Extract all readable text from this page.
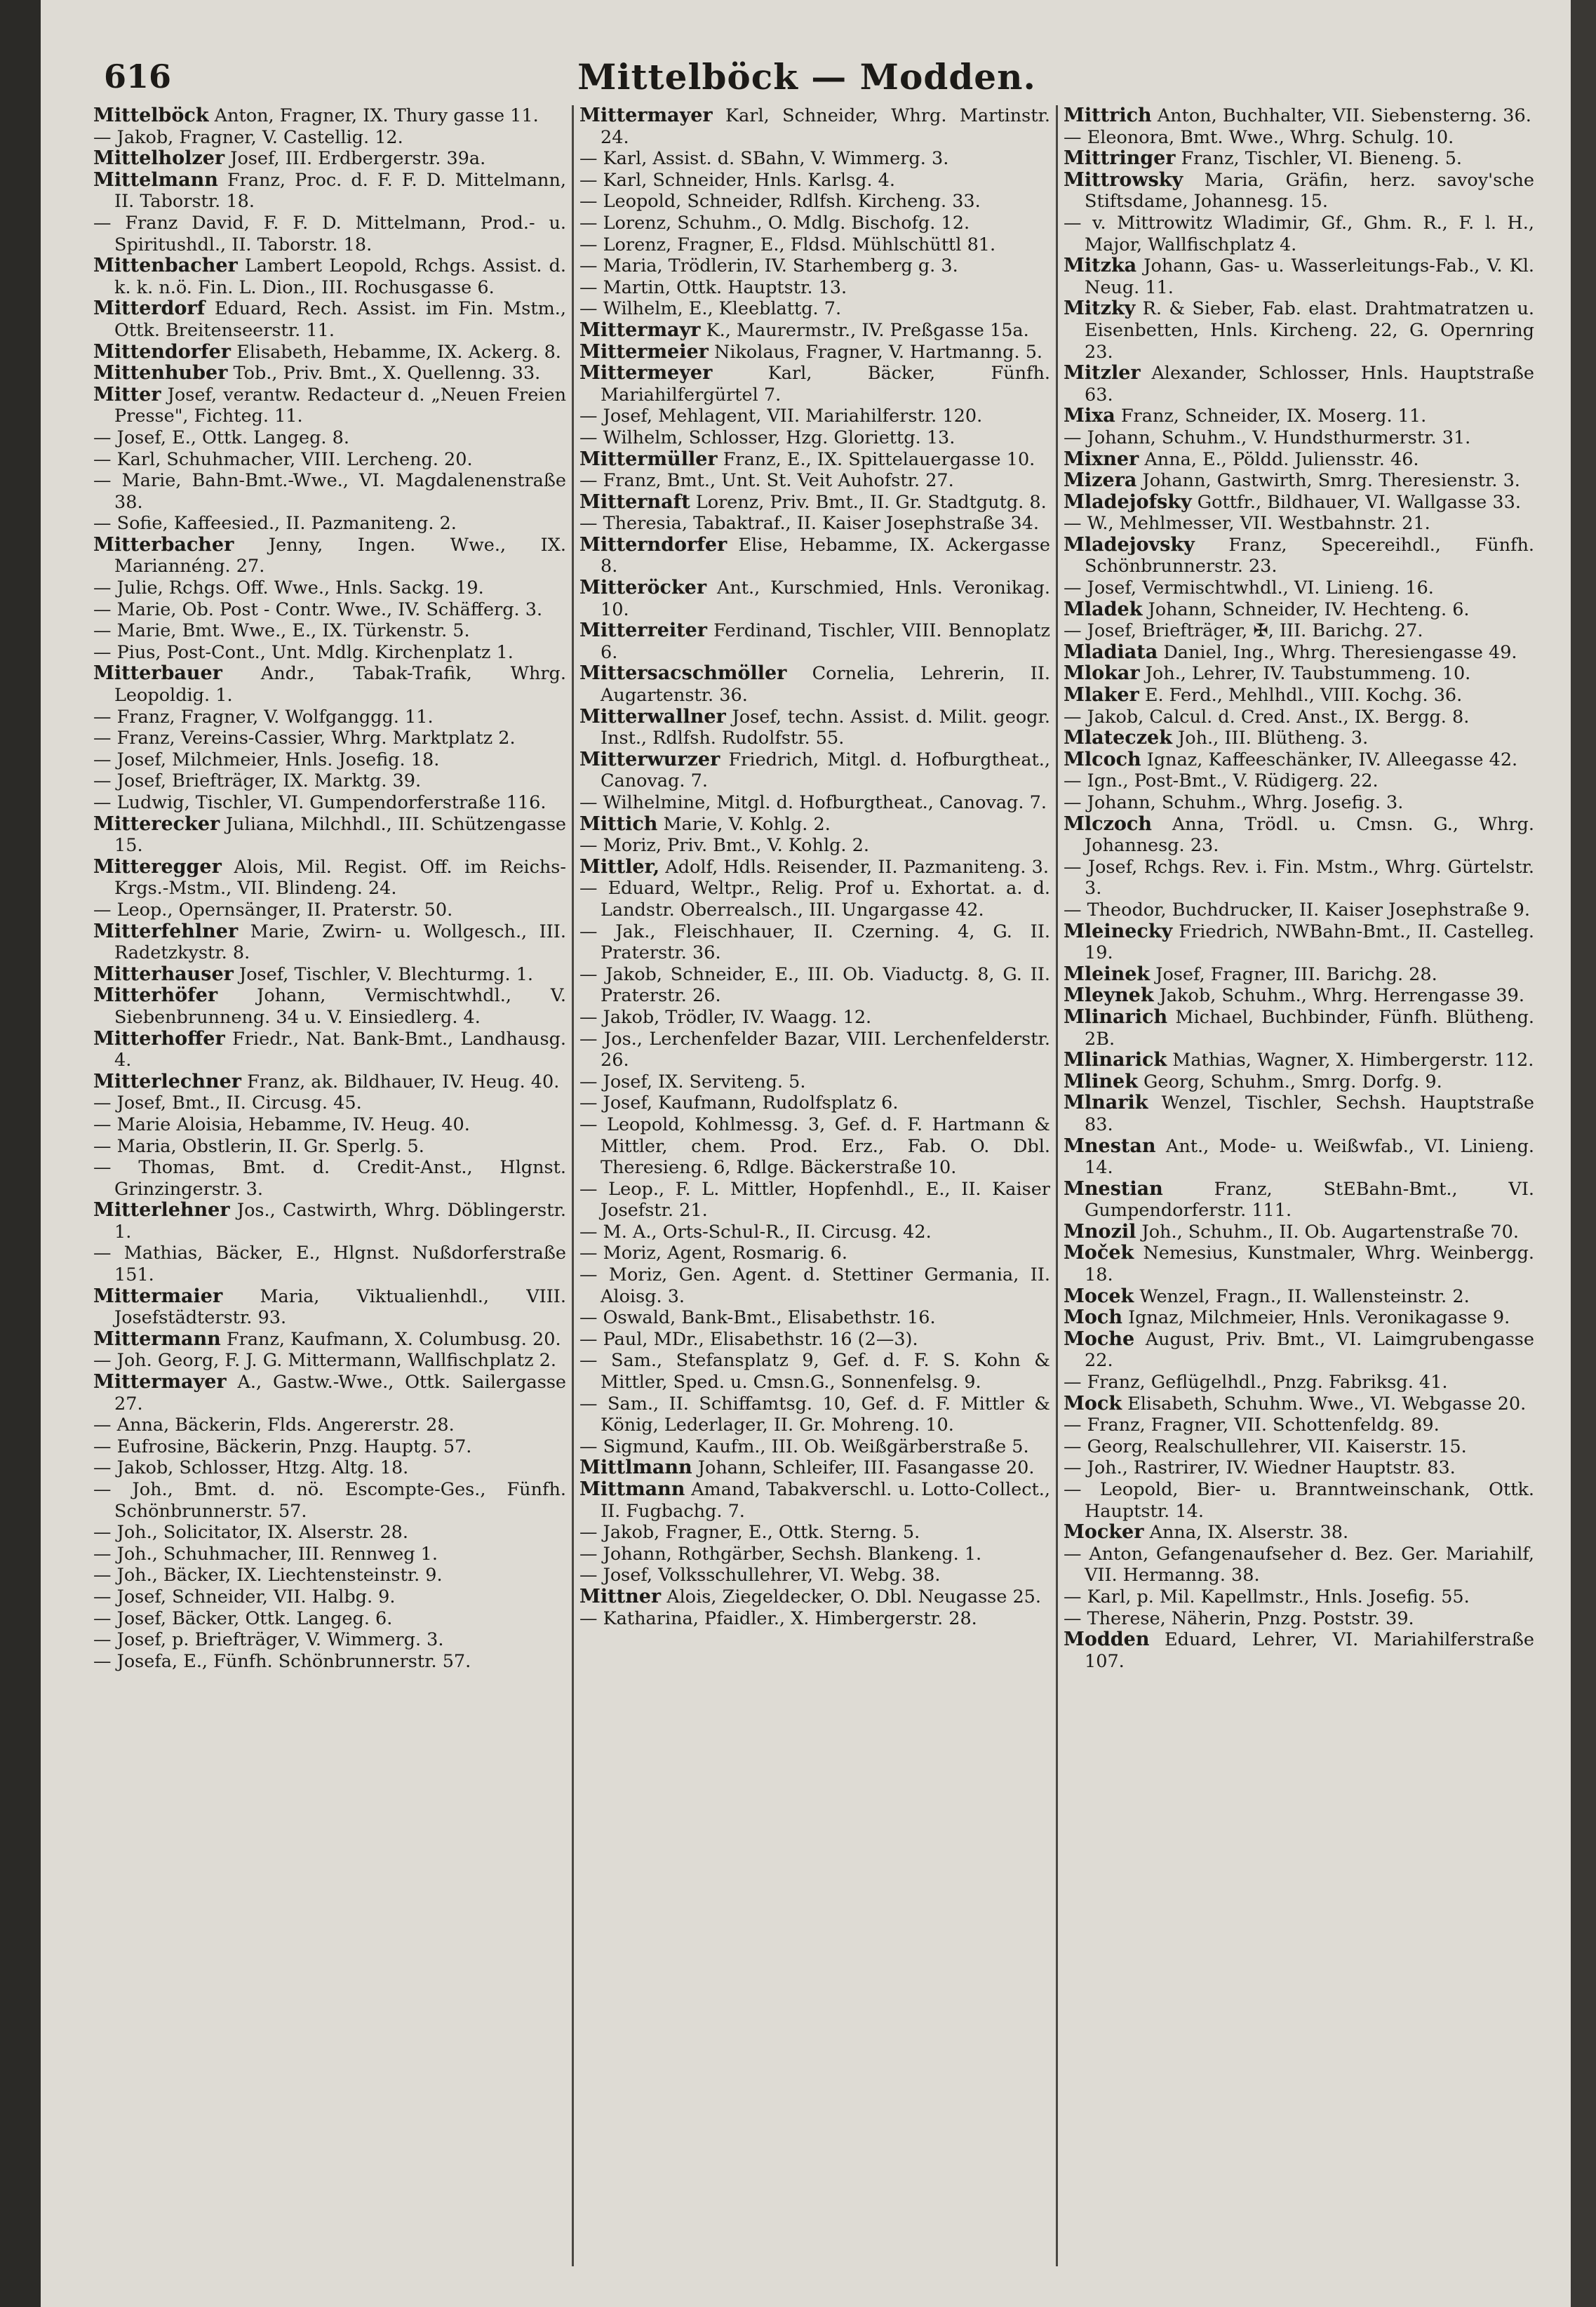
616	Mittelböck — Modden.

Mittelböck Anton, Fragner, IX. Thury gasse 11.

— Jakob, Fragner, V. Castellig. 12.

Mittelholzer Josef, III. Erdbergerstr. 39a.

Mittelmann Franz, Proc. d. F. F. D. Mittelmann, II. Taborstr. 18.

— Franz David, F. F. D. Mittelmann, Prod.- u. Spiritushdl., II. Taborstr. 18.

Mittenbacher Lambert Leopold, Rchgs. Assist. d. k. k. n.ö. Fin. L. Dion., III. Rochusgasse 6.

Mitterdorf Eduard, Rech. Assist. im Fin. Mstm., Ottk. Breitenseerstr. 11.

Mittendorfer Elisabeth, Hebamme, IX. Ackerg. 8.

Mittenhuber Tob., Priv. Bmt., X. Quellenng. 33.

Mitter Josef, verantw. Redacteur d. „Neuen Freien Presse", Fichteg. 11.

— Josef, E., Ottk. Langeg. 8.

— Karl, Schuhmacher, VIII. Lercheng. 20.

— Marie, Bahn-Bmt.-Wwe., VI. Magdalenenstraße 38.

— Sofie, Kaffeesied., II. Pazmaniteng. 2.

Mitterbacher Jenny, Ingen. Wwe., IX. Mariannéng. 27.

— Julie, Rchgs. Off. Wwe., Hnls. Sackg. 19.

— Marie, Ob. Post - Contr. Wwe., IV. Schäfferg. 3.

— Marie, Bmt. Wwe., E., IX. Türkenstr. 5.

— Pius, Post-Cont., Unt. Mdlg. Kirchenplatz 1.

Mitterbauer Andr., Tabak-Trafik, Whrg. Leopoldig. 1.

— Franz, Fragner, V. Wolfganggg. 11.

— Franz, Vereins-Cassier, Whrg. Marktplatz 2.

— Josef, Milchmeier, Hnls. Josefig. 18.

— Josef, Briefträger, IX. Marktg. 39.

— Ludwig, Tischler, VI. Gumpendorferstraße 116.

Mitterecker Juliana, Milchhdl., III. Schützengasse 15.

Mitteregger Alois, Mil. Regist. Off. im Reichs-Krgs.-Mstm., VII. Blindeng. 24.

— Leop., Opernsänger, II. Praterstr. 50.

Mitterfehlner Marie, Zwirn- u. Wollgesch., III. Radetzkystr. 8.

Mitterhauser Josef, Tischler, V. Blechturmg. 1.

Mitterhöfer Johann, Vermischtwhdl., V. Siebenbrunneng. 34 u. V. Einsiedlerg. 4.

Mitterhoffer Friedr., Nat. Bank-Bmt., Landhausg. 4.

Mitterlechner Franz, ak. Bildhauer, IV. Heug. 40.

— Josef, Bmt., II. Circusg. 45.

— Marie Aloisia, Hebamme, IV. Heug. 40.

— Maria, Obstlerin, II. Gr. Sperlg. 5.

— Thomas, Bmt. d. Credit-Anst., Hlgnst. Grinzingerstr. 3.

Mitterlehner Jos., Castwirth, Whrg. Döblingerstr. 1.

— Mathias, Bäcker, E., Hlgnst. Nußdorferstraße 151.

Mittermaier Maria, Viktualienhdl., VIII. Josefstädterstr. 93.

Mittermann Franz, Kaufmann, X. Columbusg. 20.

— Joh. Georg, F. J. G. Mittermann, Wallfischplatz 2.

Mittermayer A., Gastw.-Wwe., Ottk. Sailergasse 27.

— Anna, Bäckerin, Flds. Angererstr. 28.

— Eufrosine, Bäckerin, Pnzg. Hauptg. 57.

— Jakob, Schlosser, Htzg. Altg. 18.

— Joh., Bmt. d. nö. Escompte-Ges., Fünfh. Schönbrunnerstr. 57.

— Joh., Solicitator, IX. Alserstr. 28.

— Joh., Schuhmacher, III. Rennweg 1.

— Joh., Bäcker, IX. Liechtensteinstr. 9.

— Josef, Schneider, VII. Halbg. 9.

— Josef, Bäcker, Ottk. Langeg. 6.

— Josef, p. Briefträger, V. Wimmerg. 3.

— Josefa, E., Fünfh. Schönbrunnerstr. 57.

Mittermayer Karl, Schneider, Whrg. Martinstr. 24.

— Karl, Assist. d. SBahn, V. Wimmerg. 3.

— Karl, Schneider, Hnls. Karlsg. 4.

— Leopold, Schneider, Rdlfsh. Kircheng. 33.

— Lorenz, Schuhm., O. Mdlg. Bischofg. 12.

— Lorenz, Fragner, E., Fldsd. Mühlschüttl 81.

— Maria, Trödlerin, IV. Starhemberg g. 3.

— Martin, Ottk. Hauptstr. 13.

— Wilhelm, E., Kleeblattg. 7.

Mittermayr K., Maurermstr., IV. Preßgasse 15a.

Mittermeier Nikolaus, Fragner, V. Hartmanng. 5.

Mittermeyer Karl, Bäcker, Fünfh. Mariahilfergürtel 7.

— Josef, Mehlagent, VII. Mariahilferstr. 120.

— Wilhelm, Schlosser, Hzg. Gloriettg. 13.

Mittermüller Franz, E., IX. Spittelauergasse 10.

— Franz, Bmt., Unt. St. Veit Auhofstr. 27.

Mitternaft Lorenz, Priv. Bmt., II. Gr. Stadtgutg. 8.

— Theresia, Tabaktraf., II. Kaiser Josephstraße 34.

Mitterndorfer Elise, Hebamme, IX. Ackergasse 8.

Mitteröcker Ant., Kurschmied, Hnls. Veronikag. 10.

Mitterreiter Ferdinand, Tischler, VIII. Bennoplatz 6.

Mittersacschmöller Cornelia, Lehrerin, II. Augartenstr. 36.

Mitterwallner Josef, techn. Assist. d. Milit. geogr. Inst., Rdlfsh. Rudolfstr. 55.

Mitterwurzer Friedrich, Mitgl. d. Hofburgtheat., Canovag. 7.

— Wilhelmine, Mitgl. d. Hofburgtheat., Canovag. 7.

Mittich Marie, V. Kohlg. 2.

— Moriz, Priv. Bmt., V. Kohlg. 2.

Mittler, Adolf, Hdls. Reisender, II. Pazmaniteng. 3.

— Eduard, Weltpr., Relig. Prof u. Exhortat. a. d. Landstr. Oberrealsch., III. Ungargasse 42.

— Jak., Fleischhauer, II. Czerning. 4, G. II. Praterstr. 36.

— Jakob, Schneider, E., III. Ob. Viaductg. 8, G. II. Praterstr. 26.

— Jakob, Trödler, IV. Waagg. 12.

— Jos., Lerchenfelder Bazar, VIII. Lerchenfelderstr. 26.

— Josef, IX. Serviteng. 5.

— Josef, Kaufmann, Rudolfsplatz 6.

— Leopold, Kohlmessg. 3, Gef. d. F. Hartmann & Mittler, chem. Prod. Erz., Fab. O. Dbl. Theresieng. 6, Rdlge. Bäckerstraße 10.

— Leop., F. L. Mittler, Hopfenhdl., E., II. Kaiser Josefstr. 21.

— M. A., Orts-Schul-R., II. Circusg. 42.

— Moriz, Agent, Rosmarig. 6.

— Moriz, Gen. Agent. d. Stettiner Germania, II. Aloisg. 3.

— Oswald, Bank-Bmt., Elisabethstr. 16.

— Paul, MDr., Elisabethstr. 16 (2—3).

— Sam., Stefansplatz 9, Gef. d. F. S. Kohn & Mittler, Sped. u. Cmsn.G., Sonnenfelsg. 9.

— Sam., II. Schiffamtsg. 10, Gef. d. F. Mittler & König, Lederlager, II. Gr. Mohreng. 10.

— Sigmund, Kaufm., III. Ob. Weißgärberstraße 5.

Mittlmann Johann, Schleifer, III. Fasangasse 20.

Mittmann Amand, Tabakverschl. u. Lotto-Collect., II. Fugbachg. 7.

— Jakob, Fragner, E., Ottk. Sterng. 5.

— Johann, Rothgärber, Sechsh. Blankeng. 1.

— Josef, Volksschullehrer, VI. Webg. 38.

Mittner Alois, Ziegeldecker, O. Dbl. Neugasse 25.

— Katharina, Pfaidler., X. Himbergerstr. 28.

Mittrich Anton, Buchhalter, VII. Siebensterng. 36.

— Eleonora, Bmt. Wwe., Whrg. Schulg. 10.

Mittringer Franz, Tischler, VI. Bieneng. 5.

Mittrowsky Maria, Gräfin, herz. savoy'sche Stiftsdame, Johannesg. 15.

— v. Mittrowitz Wladimir, Gf., Ghm. R., F. l. H., Major, Wallfischplatz 4.

Mitzka Johann, Gas- u. Wasserleitungs-Fab., V. Kl. Neug. 11.

Mitzky R. & Sieber, Fab. elast. Drahtmatratzen u. Eisenbetten, Hnls. Kircheng. 22, G. Opernring 23.

Mitzler Alexander, Schlosser, Hnls. Hauptstraße 63.

Mixa Franz, Schneider, IX. Moserg. 11.

— Johann, Schuhm., V. Hundsthurmerstr. 31.

Mixner Anna, E., Pöldd. Juliensstr. 46.

Mizera Johann, Gastwirth, Smrg. Theresienstr. 3.

Mladejofsky Gottfr., Bildhauer, VI. Wallgasse 33.

— W., Mehlmesser, VII. Westbahnstr. 21.

Mladejovsky Franz, Specereihdl., Fünfh. Schönbrunnerstr. 23.

— Josef, Vermischtwhdl., VI. Linieng. 16.

Mladek Johann, Schneider, IV. Hechteng. 6.

— Josef, Briefträger, ✠, III. Barichg. 27.

Mladiata Daniel, Ing., Whrg. Theresiengasse 49.

Mlokar Joh., Lehrer, IV. Taubstummeng. 10.

Mlaker E. Ferd., Mehlhdl., VIII. Kochg. 36.

— Jakob, Calcul. d. Cred. Anst., IX. Bergg. 8.

Mlateczek Joh., III. Blütheng. 3.

Mlcoch Ignaz, Kaffeeschänker, IV. Alleegasse 42.

— Ign., Post-Bmt., V. Rüdigerg. 22.

— Johann, Schuhm., Whrg. Josefig. 3.

Mlczoch Anna, Trödl. u. Cmsn. G., Whrg. Johannesg. 23.

— Josef, Rchgs. Rev. i. Fin. Mstm., Whrg. Gürtelstr. 3.

— Theodor, Buchdrucker, II. Kaiser Josephstraße 9.

Mleinecky Friedrich, NWBahn-Bmt., II. Castelleg. 19.

Mleinek Josef, Fragner, III. Barichg. 28.

Mleynek Jakob, Schuhm., Whrg. Herrengasse 39.

Mlinarich Michael, Buchbinder, Fünfh. Blütheng. 2B.

Mlinarick Mathias, Wagner, X. Himbergerstr. 112.

Mlinek Georg, Schuhm., Smrg. Dorfg. 9.

Mlnarik Wenzel, Tischler, Sechsh. Hauptstraße 83.

Mnestan Ant., Mode- u. Weißwfab., VI. Linieng. 14.

Mnestian Franz, StEBahn-Bmt., VI. Gumpendorferstr. 111.

Mnozil Joh., Schuhm., II. Ob. Augartenstraße 70.

Moček Nemesius, Kunstmaler, Whrg. Weinbergg. 18.

Mocek Wenzel, Fragn., II. Wallensteinstr. 2.

Moch Ignaz, Milchmeier, Hnls. Veronikagasse 9.

Moche August, Priv. Bmt., VI. Laimgrubengasse 22.

— Franz, Geflügelhdl., Pnzg. Fabriksg. 41.

Mock Elisabeth, Schuhm. Wwe., VI. Webgasse 20.

— Franz, Fragner, VII. Schottenfeldg. 89.

— Georg, Realschullehrer, VII. Kaiserstr. 15.

— Joh., Rastrirer, IV. Wiedner Hauptstr. 83.

— Leopold, Bier- u. Branntweinschank, Ottk. Hauptstr. 14.

Mocker Anna, IX. Alserstr. 38.

— Anton, Gefangenaufseher d. Bez. Ger. Mariahilf, VII. Hermanng. 38.

— Karl, p. Mil. Kapellmstr., Hnls. Josefig. 55.

— Therese, Näherin, Pnzg. Poststr. 39.

Modden Eduard, Lehrer, VI. Mariahilferstraße 107.
